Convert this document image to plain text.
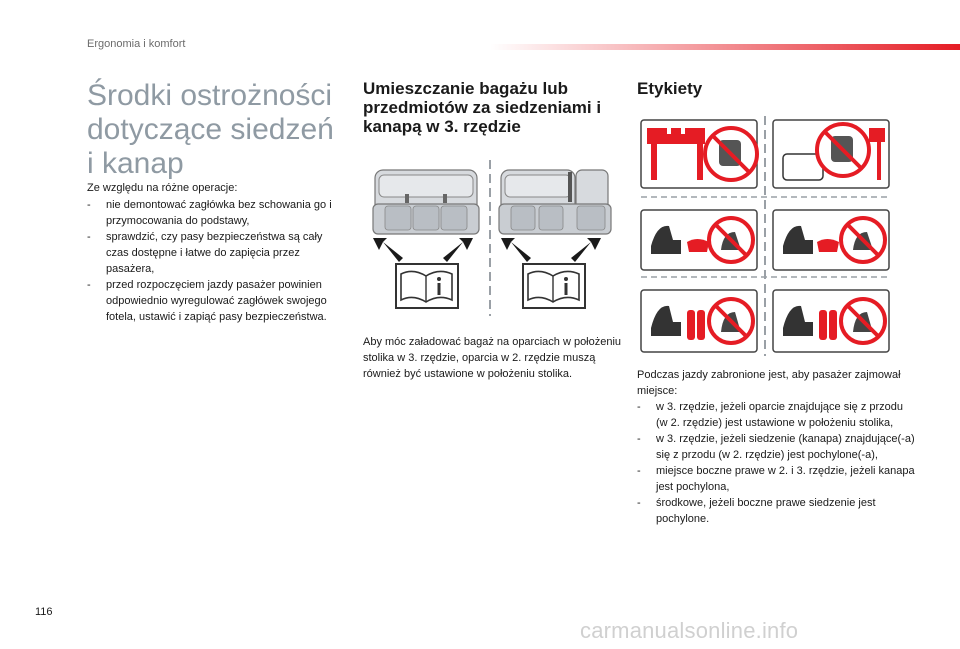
Ergonomia i komfort
Środki ostrożności dotyczące siedzeń i kanap

Ze względu na różne operacje:

- nie demontować zagłówka bez schowania go i przymocowania do podstawy,
- sprawdzić, czy pasy bezpieczeństwa są cały czas dostępne i łatwe do zapięcia przez pasażera,
- przed rozpoczęciem jazdy pasażer powinien odpowiednio wyregulować zagłówek swojego fotela, ustawić i zapiąć pasy bezpieczeństwa.
Umieszczanie bagażu lub przedmiotów za siedzeniami i kanapą w 3. rzędzie

Aby móc załadować bagaż na oparciach w położeniu stolika w 3. rzędzie, oparcia w 2. rzędzie muszą również być ustawione w położeniu stolika.

Etykiety

Podczas jazdy zabronione jest, aby pasażer zajmował miejsce:

- w 3. rzędzie, jeżeli oparcie znajdujące się z przodu (w 2. rzędzie) jest ustawione w położeniu stolika,
- w 3. rzędzie, jeżeli siedzenie (kanapa) znajdujące(-a) się z przodu (w 2. rzędzie) jest pochylone(-a),
- miejsce boczne prawe w 2. i 3. rzędzie, jeżeli kanapa jest pochylona,
- środkowe, jeżeli boczne prawe siedzenie jest pochylone.
116
carmanualsonline.info
